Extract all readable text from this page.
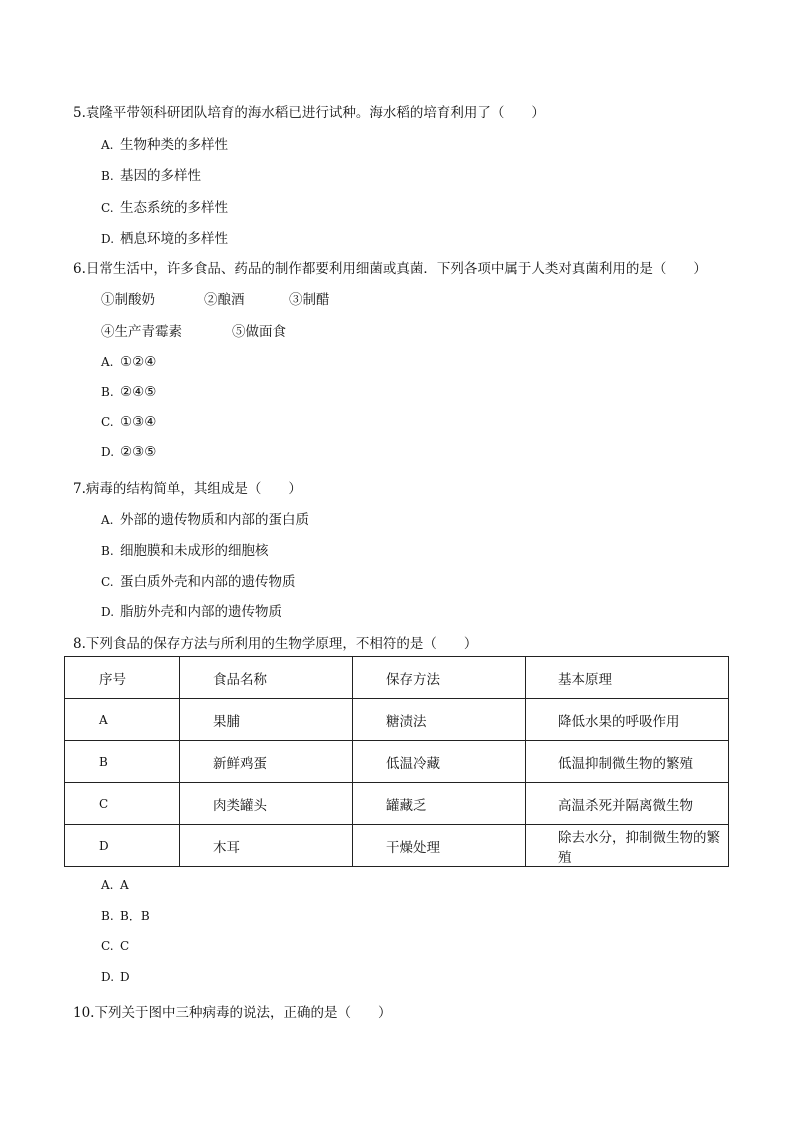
5.袁隆平带领科研团队培育的海水稻已进行试种。海水稻的培育利用了（　　）
A. 生物种类的多样性
B. 基因的多样性
C. 生态系统的多样性
D. 栖息环境的多样性
6.日常生活中，许多食品、药品的制作都要利用细菌或真菌．下列各项中属于人类对真菌利用的是（　　）
①制酸奶	②酿酒	③制醋
④生产青霉素	⑤做面食
A. ①②④
B. ②④⑤
C. ①③④
D. ②③⑤
7.病毒的结构简单，其组成是（　　）
A. 外部的遗传物质和内部的蛋白质
B. 细胞膜和未成形的细胞核
C. 蛋白质外壳和内部的遗传物质
D. 脂肪外壳和内部的遗传物质
8.下列食品的保存方法与所利用的生物学原理，不相符的是（　　）
序号	食品名称	保存方法	基本原理
A	果脯	糖渍法	降低水果的呼吸作用
B	新鲜鸡蛋	低温冷藏	低温抑制微生物的繁殖
C	肉类罐头	罐藏乏	高温杀死并隔离微生物
D	木耳	干燥处理	除去水分，抑制微生物的繁殖
A. A
B. B．B
C. C
D. D
10.下列关于图中三种病毒的说法，正确的是（　　）
